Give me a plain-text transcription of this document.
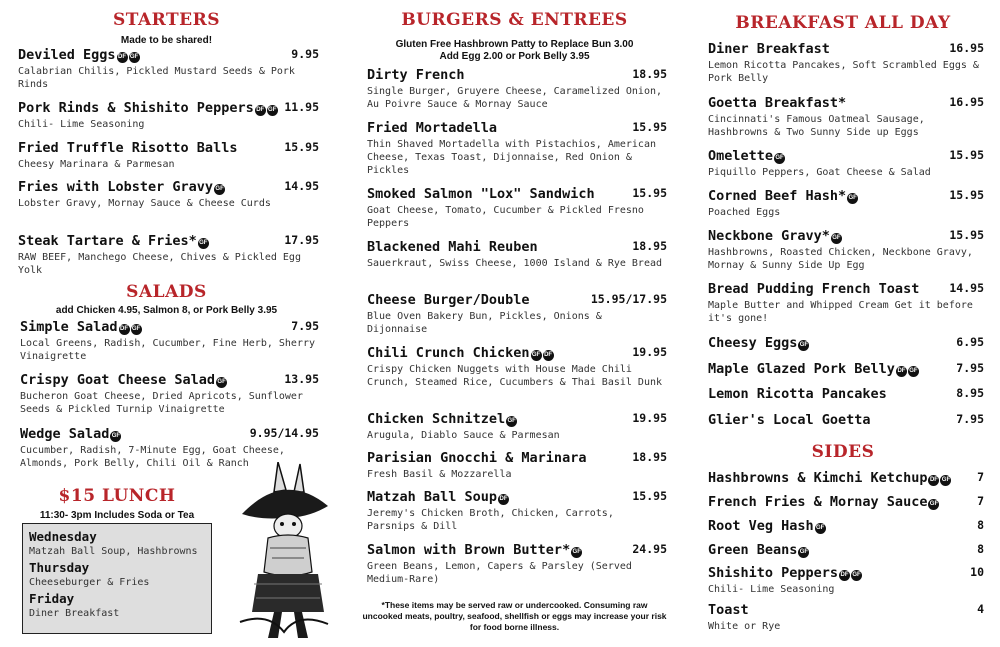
STARTERS
Made to be shared!
Deviled Eggs DF GF	9.95
Calabrian Chilis, Pickled Mustard Seeds & Pork Rinds
Pork Rinds & Shishito Peppers DF GF 11.95
Chili- Lime Seasoning
Fried Truffle Risotto Balls	15.95
Cheesy Marinara & Parmesan
Fries with Lobster Gravy GF	14.95
Lobster Gravy, Mornay Sauce & Cheese Curds
Steak Tartare & Fries* GF	17.95
RAW BEEF, Manchego Cheese, Chives & Pickled Egg Yolk
SALADS
add Chicken 4.95, Salmon 8, or Pork Belly 3.95
Simple Salad DF GF	7.95
Local Greens, Radish, Cucumber, Fine Herb, Sherry Vinaigrette
Crispy Goat Cheese Salad GF	13.95
Bucheron Goat Cheese, Dried Apricots, Sunflower Seeds & Pickled Turnip Vinaigrette
Wedge Salad GF	9.95/14.95
Cucumber, Radish, 7-Minute Egg, Goat Cheese, Almonds, Pork Belly, Chili Oil & Ranch
$15 LUNCH
11:30- 3pm Includes Soda or Tea
Wednesday
Matzah Ball Soup, Hashbrowns
Thursday
Cheeseburger & Fries
Friday
Diner Breakfast
BURGERS & ENTREES
Gluten Free Hashbrown Patty to Replace Bun 3.00
Add Egg 2.00 or Pork Belly 3.95
Dirty French	18.95
Single Burger, Gruyere Cheese, Caramelized Onion, Au Poivre Sauce & Mornay Sauce
Fried Mortadella	15.95
Thin Shaved Mortadella with Pistachios, American Cheese, Texas Toast, Dijonnaise, Red Onion & Pickles
Smoked Salmon "Lox" Sandwich	15.95
Goat Cheese, Tomato, Cucumber & Pickled Fresno Peppers
Blackened Mahi Reuben	18.95
Sauerkraut, Swiss Cheese, 1000 Island & Rye Bread
Cheese Burger/Double	15.95/17.95
Blue Oven Bakery Bun, Pickles, Onions & Dijonnaise
Chili Crunch Chicken GF DF	19.95
Crispy Chicken Nuggets with House Made Chili Crunch, Steamed Rice, Cucumbers & Thai Basil Dunk
Chicken Schnitzel GF	19.95
Arugula, Diablo Sauce & Parmesan
Parisian Gnocchi & Marinara	18.95
Fresh Basil & Mozzarella
Matzah Ball Soup DF	15.95
Jeremy's Chicken Broth, Chicken, Carrots, Parsnips & Dill
Salmon with Brown Butter* GF	24.95
Green Beans, Lemon, Capers & Parsley (Served Medium-Rare)
*These items may be served raw or undercooked. Consuming raw uncooked meats, poultry, seafood, shellfish or eggs may increase your risk for food borne illness.
BREAKFAST ALL DAY
Diner Breakfast	16.95
Lemon Ricotta Pancakes, Soft Scrambled Eggs & Pork Belly
Goetta Breakfast*	16.95
Cincinnati's Famous Oatmeal Sausage, Hashbrowns & Two Sunny Side up Eggs
Omelette GF	15.95
Piquillo Peppers, Goat Cheese & Salad
Corned Beef Hash* GF	15.95
Poached Eggs
Neckbone Gravy* GF	15.95
Hashbrowns, Roasted Chicken, Neckbone Gravy, Mornay & Sunny Side Up Egg
Bread Pudding French Toast	14.95
Maple Butter and Whipped Cream Get it before it's gone!
Cheesy Eggs GF	6.95
Maple Glazed Pork Belly DF GF	7.95
Lemon Ricotta Pancakes	8.95
Glier's Local Goetta	7.95
SIDES
Hashbrowns & Kimchi Ketchup DF GF 7
French Fries & Mornay Sauce GF	7
Root Veg Hash GF	8
Green Beans GF	8
Shishito Peppers DF GF	10
Chili- Lime Seasoning
Toast	4
White or Rye
